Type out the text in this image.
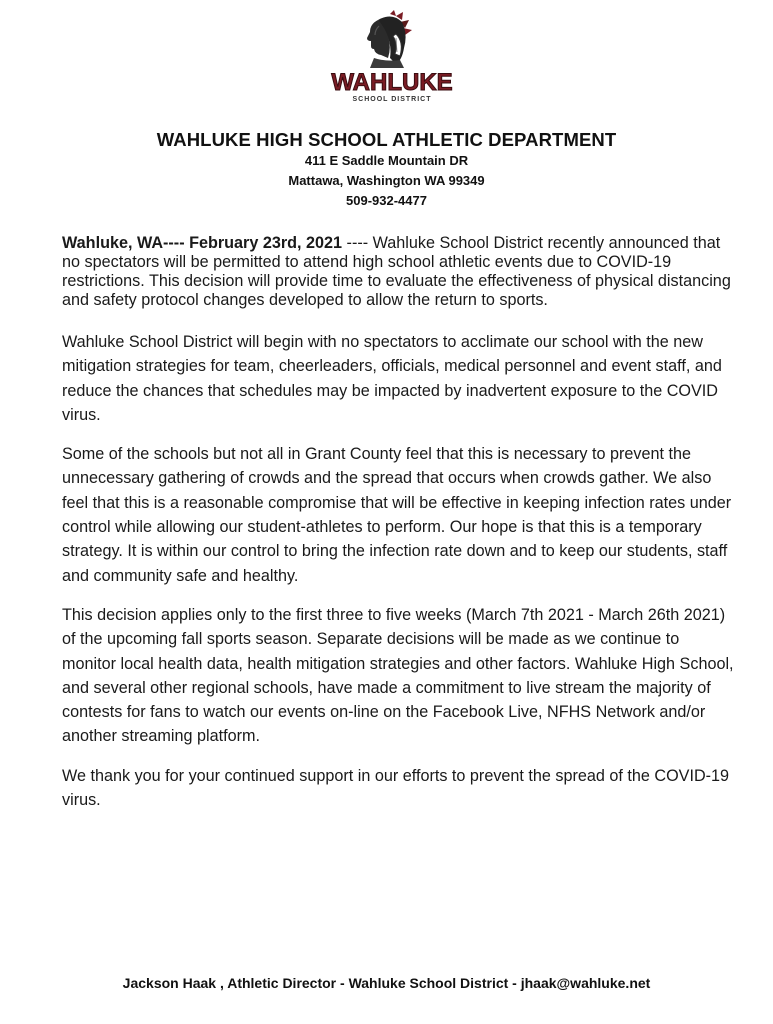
WAHLUKE
SCHOOL DISTRICT
WAHLUKE HIGH SCHOOL ATHLETIC DEPARTMENT
411 E Saddle Mountain DR
Mattawa, Washington WA 99349
509-932-4477

Wahluke, WA---- February 23rd, 2021 ---- Wahluke School District recently announced that no spectators will be permitted to attend high school athletic events due to COVID-19 restrictions. This decision will provide time to evaluate the effectiveness of physical distancing and safety protocol changes developed to allow the return to sports.

Wahluke School District will begin with no spectators to acclimate our school with the new mitigation strategies for team, cheerleaders, officials, medical personnel and event staff, and reduce the chances that schedules may be impacted by inadvertent exposure to the COVID virus.

Some of the schools but not all in Grant County feel that this is necessary to prevent the unnecessary gathering of crowds and the spread that occurs when crowds gather. We also feel that this is a reasonable compromise that will be effective in keeping infection rates under control while allowing our student-athletes to perform. Our hope is that this is a temporary strategy. It is within our control to bring the infection rate down and to keep our students, staff and community safe and healthy.

This decision applies only to the first three to five weeks (March 7th 2021 - March 26th 2021) of the upcoming fall sports season. Separate decisions will be made as we continue to monitor local health data, health mitigation strategies and other factors. Wahluke High School, and several other regional schools, have made a commitment to live stream the majority of contests for fans to watch our events on-line on the Facebook Live, NFHS Network and/or another streaming platform.

We thank you for your continued support in our efforts to prevent the spread of the COVID-19 virus.

Jackson Haak , Athletic Director - Wahluke School District - jhaak@wahluke.net
